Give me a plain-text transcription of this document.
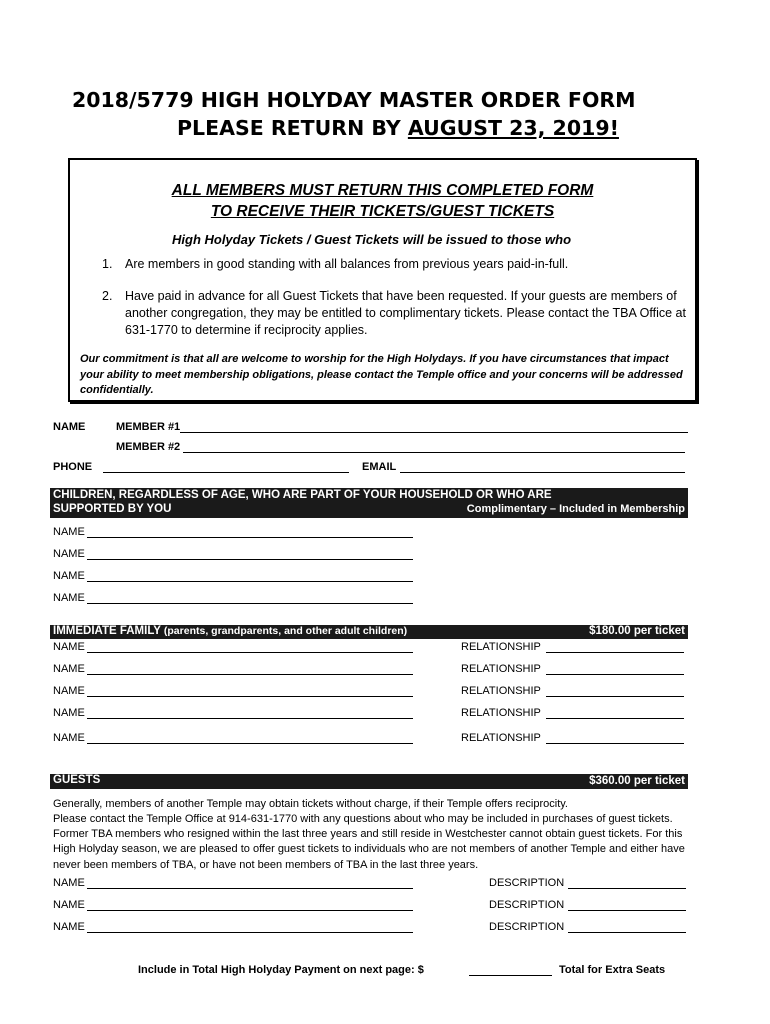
2018/5779 HIGH HOLYDAY MASTER ORDER FORM
PLEASE RETURN BY AUGUST 23, 2019!
ALL MEMBERS MUST RETURN THIS COMPLETED FORM
TO RECEIVE THEIR TICKETS/GUEST TICKETS
High Holyday Tickets / Guest Tickets will be issued to those who
1. Are members in good standing with all balances from previous years paid-in-full.
2. Have paid in advance for all Guest Tickets that have been requested. If your guests are members of another congregation, they may be entitled to complimentary tickets. Please contact the TBA Office at 631-1770 to determine if reciprocity applies.
Our commitment is that all are welcome to worship for the High Holydays. If you have circumstances that impact your ability to meet membership obligations, please contact the Temple office and your concerns will be addressed confidentially.
NAME	MEMBER #1
MEMBER #2
PHONE	EMAIL
CHILDREN, REGARDLESS OF AGE, WHO ARE PART OF YOUR HOUSEHOLD OR WHO ARE
SUPPORTED BY YOU	Complimentary – Included in Membership
NAME
NAME
NAME
NAME
IMMEDIATE FAMILY (parents, grandparents, and other adult children)	$180.00 per ticket
NAME	RELATIONSHIP
NAME	RELATIONSHIP
NAME	RELATIONSHIP
NAME	RELATIONSHIP
NAME	RELATIONSHIP
GUESTS	$360.00 per ticket
Generally, members of another Temple may obtain tickets without charge, if their Temple offers reciprocity.
Please contact the Temple Office at 914-631-1770 with any questions about who may be included in purchases of guest tickets. Former TBA members who resigned within the last three years and still reside in Westchester cannot obtain guest tickets. For this High Holyday season, we are pleased to offer guest tickets to individuals who are not members of another Temple and either have never been members of TBA, or have not been members of TBA in the last three years.
NAME	DESCRIPTION
NAME	DESCRIPTION
NAME	DESCRIPTION
Include in Total High Holyday Payment on next page: $	Total for Extra Seats
